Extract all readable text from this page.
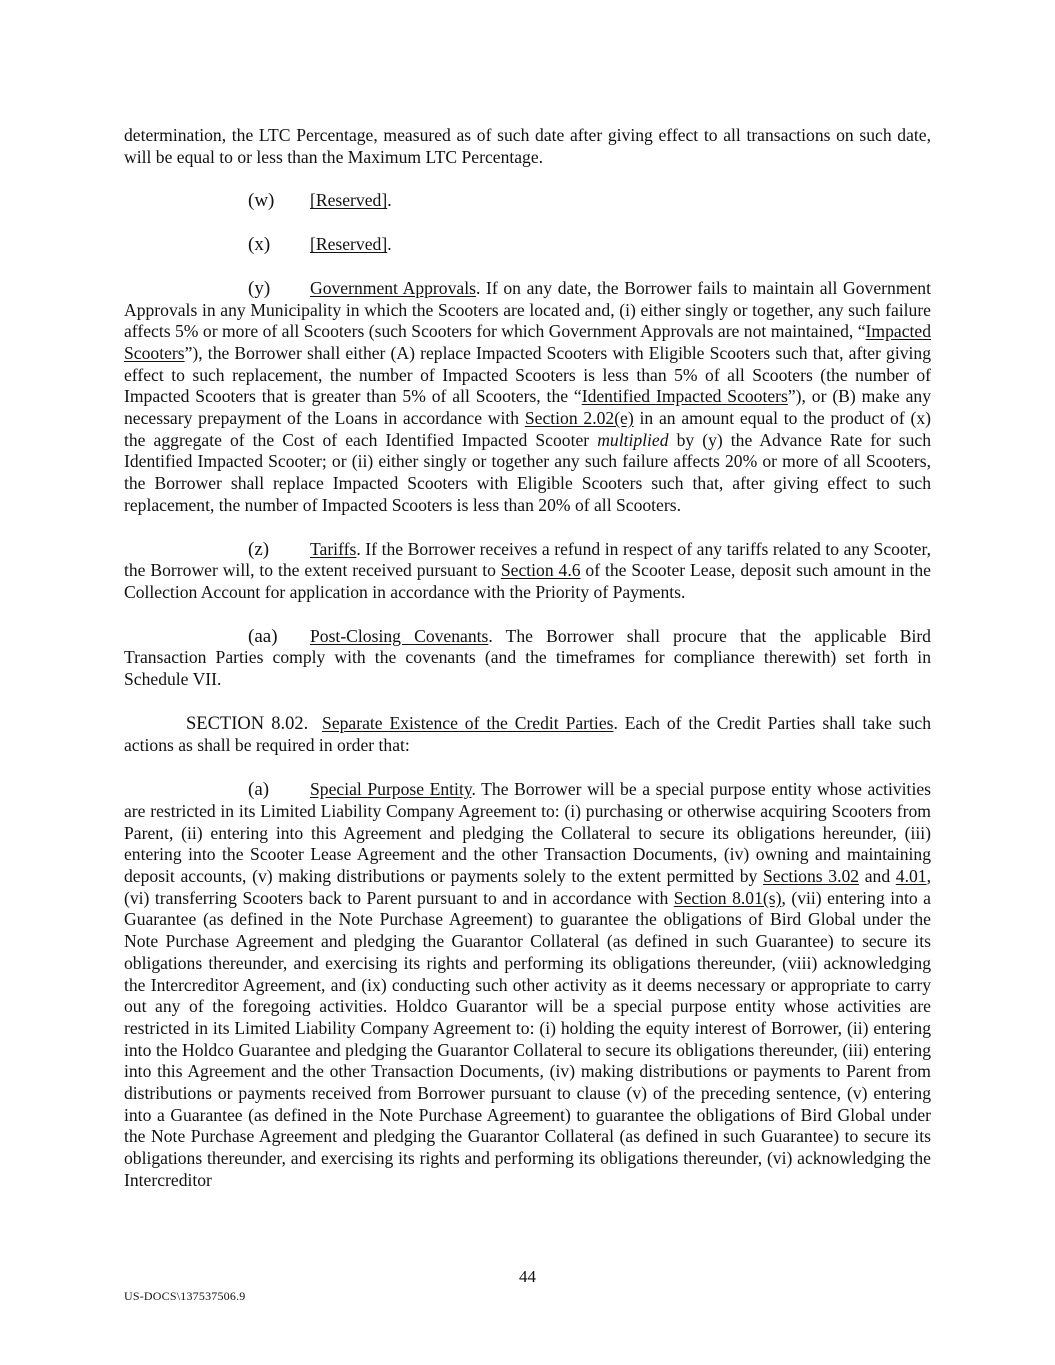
determination, the LTC Percentage, measured as of such date after giving effect to all transactions on such date, will be equal to or less than the Maximum LTC Percentage.

(w) [Reserved].

(x) [Reserved].

(y) Government Approvals. If on any date, the Borrower fails to maintain all Government Approvals in any Municipality in which the Scooters are located and, (i) either singly or together, any such failure affects 5% or more of all Scooters (such Scooters for which Government Approvals are not maintained, “Impacted Scooters”), the Borrower shall either (A) replace Impacted Scooters with Eligible Scooters such that, after giving effect to such replacement, the number of Impacted Scooters is less than 5% of all Scooters (the number of Impacted Scooters that is greater than 5% of all Scooters, the “Identified Impacted Scooters”), or (B) make any necessary prepayment of the Loans in accordance with Section 2.02(e) in an amount equal to the product of (x) the aggregate of the Cost of each Identified Impacted Scooter multiplied by (y) the Advance Rate for such Identified Impacted Scooter; or (ii) either singly or together any such failure affects 20% or more of all Scooters, the Borrower shall replace Impacted Scooters with Eligible Scooters such that, after giving effect to such replacement, the number of Impacted Scooters is less than 20% of all Scooters.

(z) Tariffs. If the Borrower receives a refund in respect of any tariffs related to any Scooter, the Borrower will, to the extent received pursuant to Section 4.6 of the Scooter Lease, deposit such amount in the Collection Account for application in accordance with the Priority of Payments.

(aa) Post-Closing Covenants. The Borrower shall procure that the applicable Bird Transaction Parties comply with the covenants (and the timeframes for compliance therewith) set forth in Schedule VII.

SECTION 8.02. Separate Existence of the Credit Parties. Each of the Credit Parties shall take such actions as shall be required in order that:

(a) Special Purpose Entity. The Borrower will be a special purpose entity whose activities are restricted in its Limited Liability Company Agreement to: (i) purchasing or otherwise acquiring Scooters from Parent, (ii) entering into this Agreement and pledging the Collateral to secure its obligations hereunder, (iii) entering into the Scooter Lease Agreement and the other Transaction Documents, (iv) owning and maintaining deposit accounts, (v) making distributions or payments solely to the extent permitted by Sections 3.02 and 4.01, (vi) transferring Scooters back to Parent pursuant to and in accordance with Section 8.01(s), (vii) entering into a Guarantee (as defined in the Note Purchase Agreement) to guarantee the obligations of Bird Global under the Note Purchase Agreement and pledging the Guarantor Collateral (as defined in such Guarantee) to secure its obligations thereunder, and exercising its rights and performing its obligations thereunder, (viii) acknowledging the Intercreditor Agreement, and (ix) conducting such other activity as it deems necessary or appropriate to carry out any of the foregoing activities. Holdco Guarantor will be a special purpose entity whose activities are restricted in its Limited Liability Company Agreement to: (i) holding the equity interest of Borrower, (ii) entering into the Holdco Guarantee and pledging the Guarantor Collateral to secure its obligations thereunder, (iii) entering into this Agreement and the other Transaction Documents, (iv) making distributions or payments to Parent from distributions or payments received from Borrower pursuant to clause (v) of the preceding sentence, (v) entering into a Guarantee (as defined in the Note Purchase Agreement) to guarantee the obligations of Bird Global under the Note Purchase Agreement and pledging the Guarantor Collateral (as defined in such Guarantee) to secure its obligations thereunder, and exercising its rights and performing its obligations thereunder, (vi) acknowledging the Intercreditor

44
US-DOCS\137537506.9
